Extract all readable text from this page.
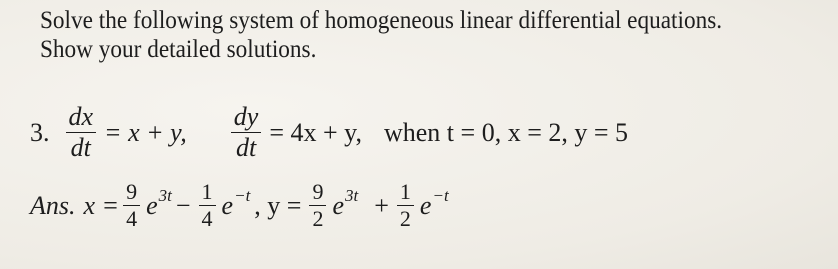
Solve the following system of homogeneous linear differential equations. Show your detailed solutions.
3. $\frac{dx}{dt} = x + y$, $\frac{dy}{dt} = 4x + y$, when t = 0, x = 2, y = 5
Ans. $x = \frac{9}{4}$ e $3t - \frac{1}{4}$ e −t , $y = \frac{9}{2}$ e $3t + \frac{1}{2}$ e −t
